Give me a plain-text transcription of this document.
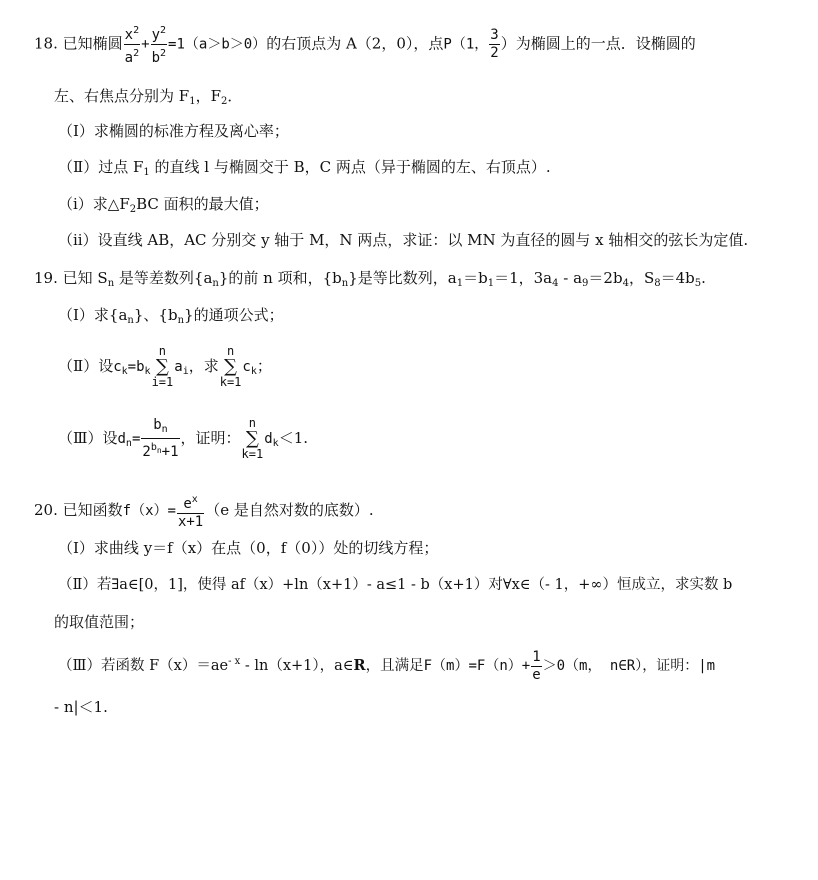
18. 已知椭圆 $\frac{x^2}{a^2} + \frac{y^2}{b^2} =1(a>b>0)$的右顶点为 A（2，0），点P（1， $\frac{3}{2}$ ）为椭圆上的一点．设椭圆的
左、右焦点分别为 $F_1$，$F_2$．
（Ⅰ）求椭圆的标准方程及离心率；
（Ⅱ）过点 $F_1$ 的直线 l 与椭圆交于 B，C 两点（异于椭圆的左、右顶点）.
（i）求$\triangle F_2BC$ 面积的最大值；
（ii）设直线 AB，AC 分别交 y 轴于 M，N 两点，求证：以 MN 为直径的圆与 x 轴相交的弦长为定值.
19. 已知 $S_n$ 是等差数列$\{a_n\}$的前 n 项和，$\{b_n\}$是等比数列，$a_1=b_1=1$，$3a_4 - a_9=2b_4$，$S_8=4b_5$.
（Ⅰ）求$\{a_n\}$、$\{b_n\}$的通项公式；
（Ⅱ）设$c_k=b_k$
n
∑
i=1
$a_i$，求
n
∑
k=1
$c_k$；
（Ⅲ）设$d_n= \frac{b_n}{2^{b_n}+1}$ ，证明：
n
∑
k=1
$d_k<1$.
20. 已知函数$f(x)= \frac{e^x}{x+1} (e$ 是自然对数的底数）.
（Ⅰ）求曲线 y＝f（x）在点（0，f（0））处的切线方程；
（Ⅱ）若∃a∈[0，1]，使得 af（x）+ln（x+1）- a≤1 - b（x+1）对∀x∈（- 1，+∞）恒成立，求实数 b
的取值范围；
（Ⅲ）若函数 $F(x)=ae^{- x} - \ln(x+1)$，a∈R，且满足$F(m)=F(n)+ \frac{1}{e} >0(m$， n∈R），证明：|m
- n|＜1.
